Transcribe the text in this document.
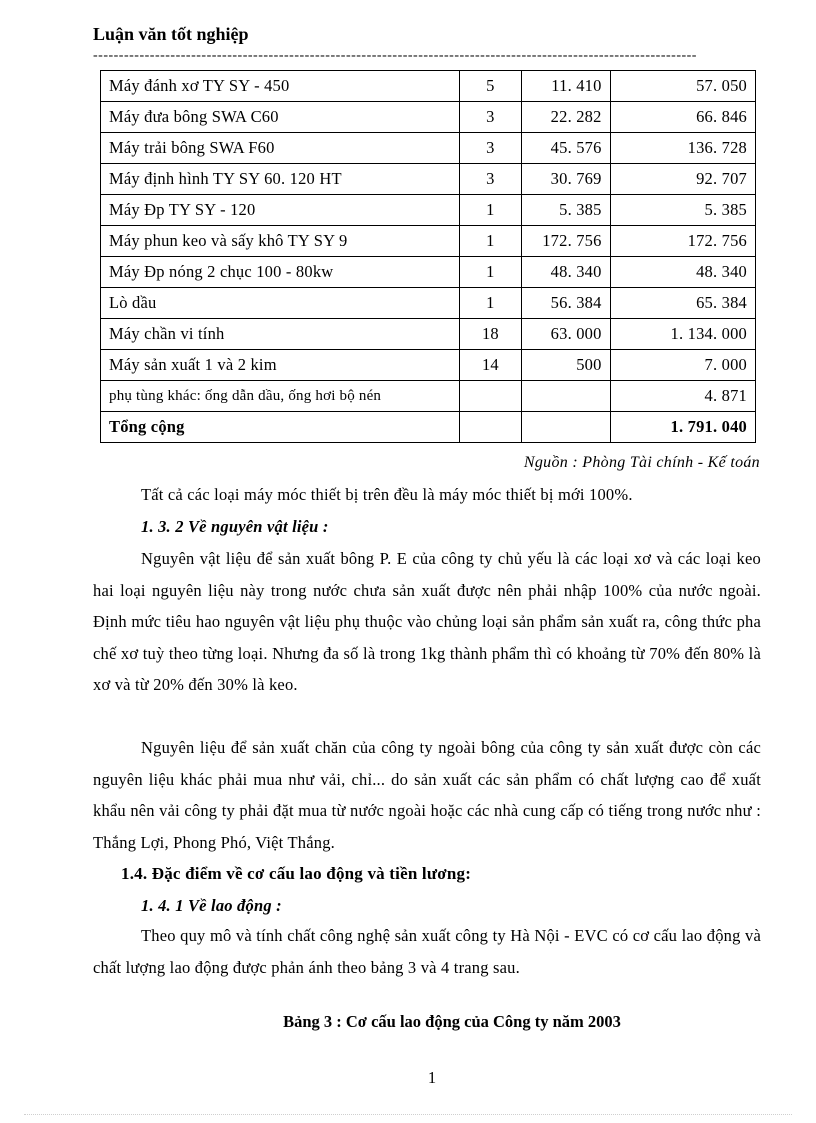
Luận văn tốt nghiệp
---------------------------------------------------------------------------------------------------------------------
Máy đánh xơ TY SY - 450	5	11. 410	57. 050
Máy đưa bông SWA C60	3	22. 282	66. 846
Máy trải bông SWA F60	3	45. 576	136. 728
Máy định hình TY SY 60. 120 HT	3	30. 769	92. 707
Máy Đp TY SY - 120	1	5. 385	5. 385
Máy phun keo và sấy khô TY SY 9	1	172. 756	172. 756
Máy Đp nóng 2 chục 100 - 80kw	1	48. 340	48. 340
Lò dầu	1	56. 384	65. 384
Máy chần vi tính	18	63. 000	1. 134. 000
Máy sản xuất 1 và 2 kim	14	500	7. 000
phụ tùng khác: ống dẫn dầu, ống hơi bộ nén			4. 871
Tổng cộng			1. 791. 040
Nguồn : Phòng Tài chính - Kế toán
Tất cả các loại máy móc thiết bị trên đều là máy móc thiết bị mới 100%.
1. 3. 2 Về nguyên vật liệu :
Nguyên vật liệu để sản xuất bông P. E của công ty chủ yếu là các loại xơ và các loại keo hai loại nguyên liệu này trong nước chưa sản xuất được nên phải nhập 100% của nước ngoài. Định mức tiêu hao nguyên vật liệu phụ thuộc vào chủng loại sản phẩm sản xuất ra, công thức pha chế xơ tuỳ theo từng loại. Nhưng đa số là trong 1kg thành phẩm thì có khoảng từ 70% đến 80% là xơ và từ 20% đến 30% là keo.
Nguyên liệu để sản xuất chăn của công ty ngoài bông của công ty sản xuất được còn các nguyên liệu khác phải mua như vải, chỉ... do sản xuất các sản phẩm có chất lượng cao để xuất khẩu nên vải công ty phải đặt mua từ nước ngoài hoặc các nhà cung cấp có tiếng trong nước như : Thắng Lợi, Phong Phó, Việt Thắng.
1.4. Đặc điểm về cơ cấu lao động và tiền lương:
1. 4. 1 Về lao động :
Theo quy mô và tính chất công nghệ sản xuất công ty Hà Nội - EVC có cơ cấu lao động và chất lượng lao động được phản ánh theo bảng 3 và 4 trang sau.
Bảng 3 : Cơ cấu lao động của Công ty năm 2003
1
